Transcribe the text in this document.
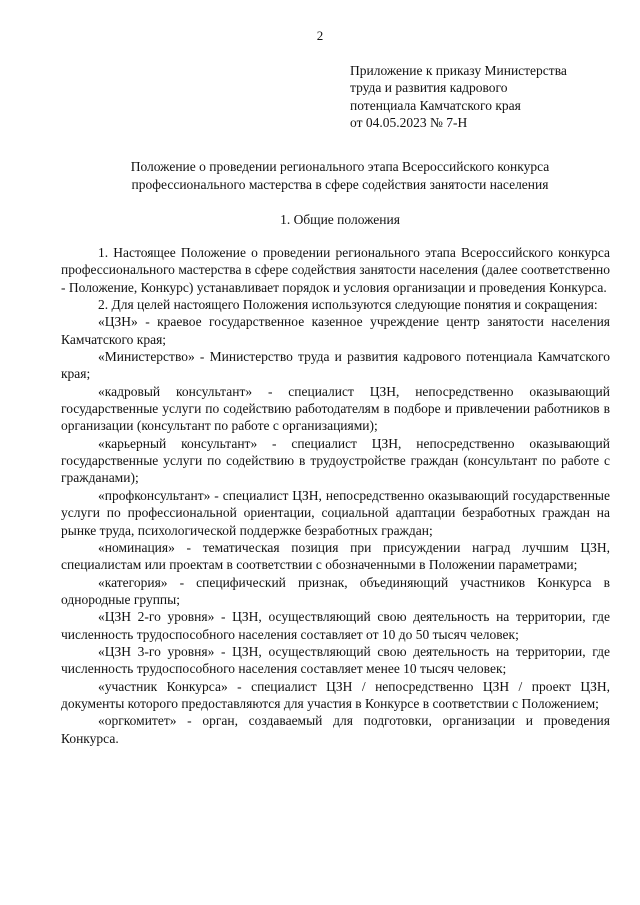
2
Приложение к приказу Министерства
труда и развития кадрового
потенциала Камчатского края
от 04.05.2023 № 7-Н
Положение о проведении регионального этапа Всероссийского конкурса
профессионального мастерства в сфере содействия занятости населения
1. Общие положения

1. Настоящее Положение о проведении регионального этапа Всероссийского конкурса профессионального мастерства в сфере содействия занятости населения (далее соответственно - Положение, Конкурс) устанавливает порядок и условия организации и проведения Конкурса.

2. Для целей настоящего Положения используются следующие понятия и сокращения:

«ЦЗН» - краевое государственное казенное учреждение центр занятости населения Камчатского края;

«Министерство» - Министерство труда и развития кадрового потенциала Камчатского края;

«кадровый консультант» - специалист ЦЗН, непосредственно оказывающий государственные услуги по содействию работодателям в подборе и привлечении работников в организации (консультант по работе с организациями);

«карьерный консультант» - специалист ЦЗН, непосредственно оказывающий государственные услуги по содействию в трудоустройстве граждан (консультант по работе с гражданами);

«профконсультант» - специалист ЦЗН, непосредственно оказывающий государственные услуги по профессиональной ориентации, социальной адаптации безработных граждан на рынке труда, психологической поддержке безработных граждан;

«номинация» - тематическая позиция при присуждении наград лучшим ЦЗН, специалистам или проектам в соответствии с обозначенными в Положении параметрами;

«категория» - специфический признак, объединяющий участников Конкурса в однородные группы;

«ЦЗН 2-го уровня» - ЦЗН, осуществляющий свою деятельность на территории, где численность трудоспособного населения составляет от 10 до 50 тысяч человек;

«ЦЗН 3-го уровня» - ЦЗН, осуществляющий свою деятельность на территории, где численность трудоспособного населения составляет менее 10 тысяч человек;

«участник Конкурса» - специалист ЦЗН / непосредственно ЦЗН / проект ЦЗН, документы которого предоставляются для участия в Конкурсе в соответствии с Положением;

«оргкомитет» - орган, создаваемый для подготовки, организации и проведения Конкурса.
